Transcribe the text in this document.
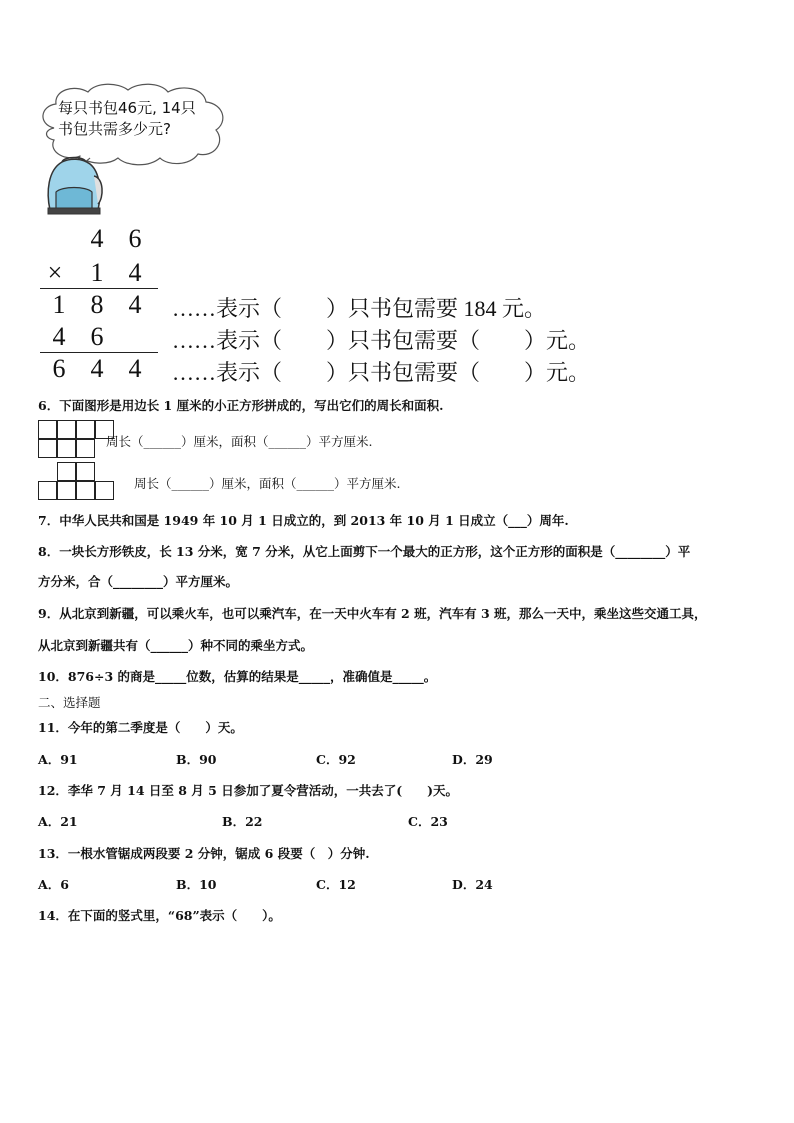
每只书包46元, 14只
书包共需多少元?
4 6
× 1 4
1 8 4
4 6
6 4 4
……表示（　　）只书包需要 184 元。
……表示（　　）只书包需要（　　）元。
……表示（　　）只书包需要（　　）元。
6．下面图形是用边长 1 厘米的小正方形拼成的，写出它们的周长和面积.
周长（______）厘米，面积（______）平方厘米.
周长（______）厘米，面积（______）平方厘米.
7．中华人民共和国是 1949 年 10 月 1 日成立的，到 2013 年 10 月 1 日成立（___）周年.
8．一块长方形铁皮，长 13 分米，宽 7 分米，从它上面剪下一个最大的正方形，这个正方形的面积是（________）平
方分米，合（________）平方厘米。
9．从北京到新疆，可以乘火车，也可以乘汽车，在一天中火车有 2 班，汽车有 3 班，那么一天中，乘坐这些交通工具，
从北京到新疆共有（______）种不同的乘坐方式。
10．876÷3 的商是_____位数，估算的结果是_____，准确值是_____。
二、选择题
11．今年的第二季度是（　　）天。
A．91	B．90	C．92	D．29
12．李华 7 月 14 日至 8 月 5 日参加了夏令营活动，一共去了(　　)天。
A．21	B．22	C．23
13．一根水管锯成两段要 2 分钟，锯成 6 段要（　）分钟.
A．6	B．10	C．12	D．24
14．在下面的竖式里，“68”表示（　　）。
